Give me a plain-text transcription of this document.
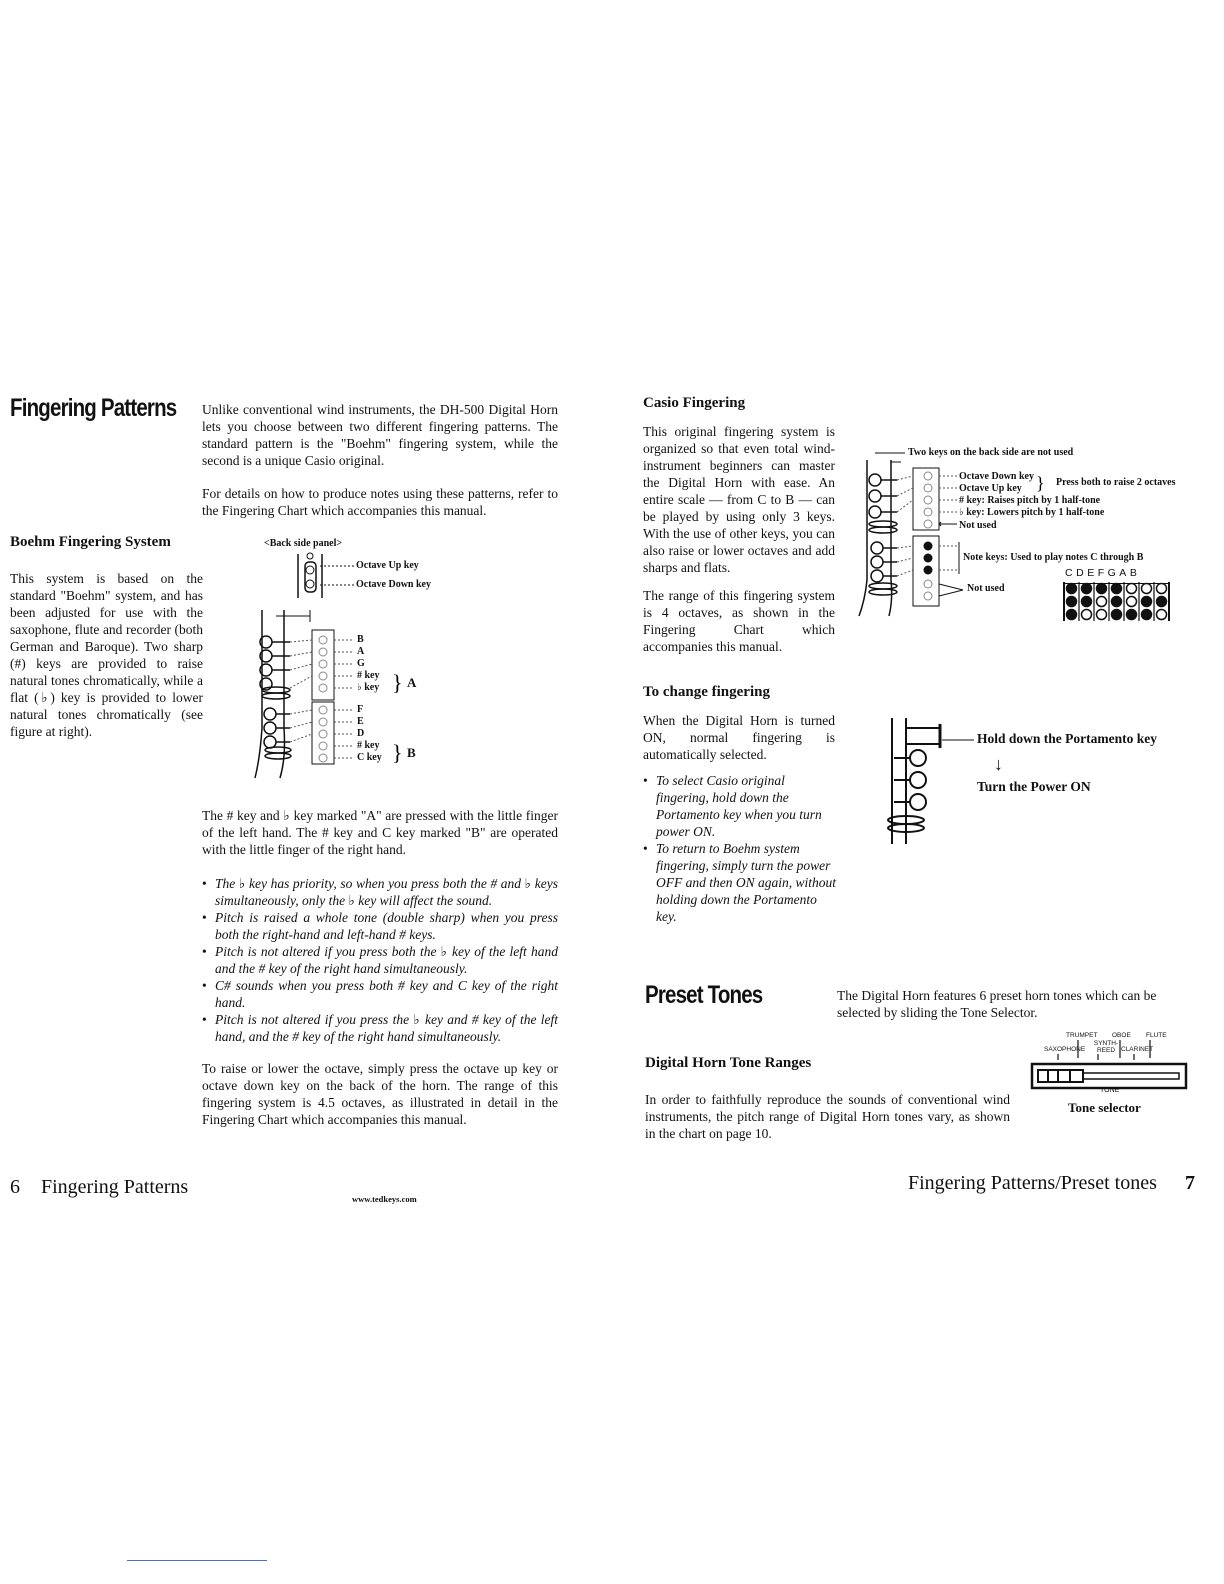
Fingering Patterns Unlike conventional wind instruments, the DH-500 Digital Horn lets you choose between two different fingering patterns. The standard pattern is the "Boehm" fingering system, while the second is a unique Casio original.

For details on how to produce notes using these patterns, refer to the Fingering Chart which accompanies this manual.

Boehm Fingering System

This system is based on the standard "Boehm" system, and has been adjusted for use with the saxophone, flute and recorder (both German and Baroque). Two sharp (#) keys are provided to raise natural tones chromatically, while a flat (♭) key is provided to lower natural tones chromatically (see figure at right).

<Back side panel>
}
}
Octave Up key
Octave Down key
B
A
G
# key
♭ key A
F
E
D
# key
C key B

The # key and ♭ key marked "A" are pressed with the little finger of the left hand. The # key and C key marked "B" are operated with the little finger of the right hand.

• The ♭ key has priority, so when you press both the # and ♭ keys simultaneously, only the ♭ key will affect the sound.
• Pitch is raised a whole tone (double sharp) when you press both the right-hand and left-hand # keys.
• Pitch is not altered if you press both the ♭ key of the left hand and the # key of the right hand simultaneously.
• C# sounds when you press both # key and C key of the right hand.
• Pitch is not altered if you press the ♭ key and # key of the left hand, and the # key of the right hand simultaneously.

To raise or lower the octave, simply press the octave up key or octave down key on the back of the horn. The range of this fingering system is 4.5 octaves, as illustrated in detail in the Fingering Chart which accompanies this manual.

6 Fingering Patterns
www.tedkeys.com
Casio Fingering

This original fingering system is organized so that even total wind-instrument beginners can master the Digital Horn with ease. An entire scale — from C to B — can be played by using only 3 keys. With the use of other keys, you can also raise or lower octaves and add sharps and flats.

The range of this fingering system is 4 octaves, as shown in the Fingering Chart which accompanies this manual.

}
Two keys on the back side are not used
Octave Down key
Octave Up key
Press both to raise 2 octaves
# key: Raises pitch by 1 half-tone
♭ key: Lowers pitch by 1 half-tone
Not used
Note keys: Used to play notes C through B
Not used
CDEFGAB
To change fingering

When the Digital Horn is turned ON, normal fingering is automatically selected.

• To select Casio original fingering, hold down the Portamento key when you turn power ON.
• To return to Boehm system fingering, simply turn the power OFF and then ON again, without holding down the Portamento key.
Hold down the Portamento key
↓
Turn the Power ON
Preset Tones	The Digital Horn features 6 preset horn tones which can be selected by sliding the Tone Selector.

Digital Horn Tone Ranges

In order to faithfully reproduce the sounds of conventional wind instruments, the pitch range of Digital Horn tones vary, as shown in the chart on page 10.

TRUMPET OBOE FLUTE
SAXOPHONE
SYNTH-REED CLARINET
TONE
Tone selector
Fingering Patterns/Preset tones 7
